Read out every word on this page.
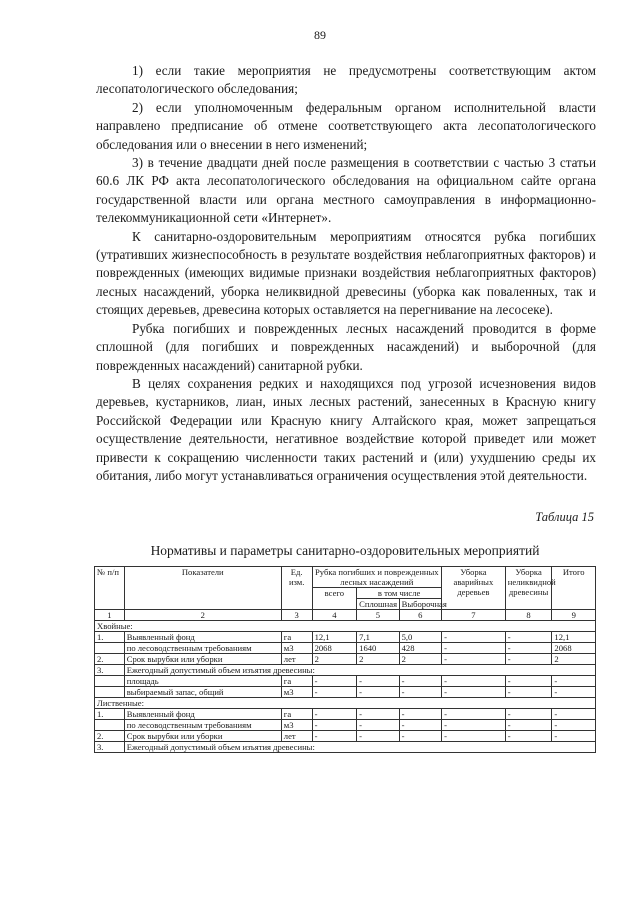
89

1) если такие мероприятия не предусмотрены соответствующим актом лесопатологического обследования;

2) если уполномоченным федеральным органом исполнительной власти направлено предписание об отмене соответствующего акта лесопатологического обследования или о внесении в него изменений;

3) в течение двадцати дней после размещения в соответствии с частью 3 статьи 60.6 ЛК РФ акта лесопатологического обследования на официальном сайте органа государственной власти или органа местного самоуправления в информационно-телекоммуникационной сети «Интернет».

К санитарно-оздоровительным мероприятиям относятся рубка погибших (утративших жизнеспособность в результате воздействия неблагоприятных факторов) и поврежденных (имеющих видимые признаки воздействия неблагоприятных факторов) лесных насаждений, уборка неликвидной древесины (уборка как поваленных, так и стоящих деревьев, древесина которых оставляется на перегнивание на лесосеке).

Рубка погибших и поврежденных лесных насаждений проводится в форме сплошной (для погибших и поврежденных насаждений) и выборочной (для поврежденных насаждений) санитарной рубки.

В целях сохранения редких и находящихся под угрозой исчезновения видов деревьев, кустарников, лиан, иных лесных растений, занесенных в Красную книгу Российской Федерации или Красную книгу Алтайского края, может запрещаться осуществление деятельности, негативное воздействие которой приведет или может привести к сокращению численности таких растений и (или) ухудшению среды их обитания, либо могут устанавливаться ограничения осуществления этой деятельности.

Таблица 15
Нормативы и параметры санитарно-оздоровительных мероприятий
№ п/п	Показатели	Ед. изм.	Рубка погибших и поврежденных лесных насаждений			Уборка аварийных деревьев	Уборка неликвидной древесины	Итого
			всего	в том числе				
				Сплошная	Выборочная			
1	2	3	4	5	6	7	8	9
Хвойные:								
1.	Выявленный фонд	га	12,1	7,1	5,0	-	-	12,1
	по лесоводственным требованиям	м3	2068	1640	428	-	-	2068
2.	Срок вырубки или уборки	лет	2	2	2	-	-	2
3.	Ежегодный допустимый объем изъятия древесины:							
	площадь	га	-	-	-	-	-	-
	выбираемый запас, общий	м3	-	-	-	-	-	-
Лиственные:								
1.	Выявленный фонд	га	-	-	-	-	-	-
	по лесоводственным требованиям	м3	-	-	-	-	-	-
2.	Срок вырубки или уборки	лет	-	-	-	-	-	-
3.	Ежегодный допустимый объем изъятия древесины:							
